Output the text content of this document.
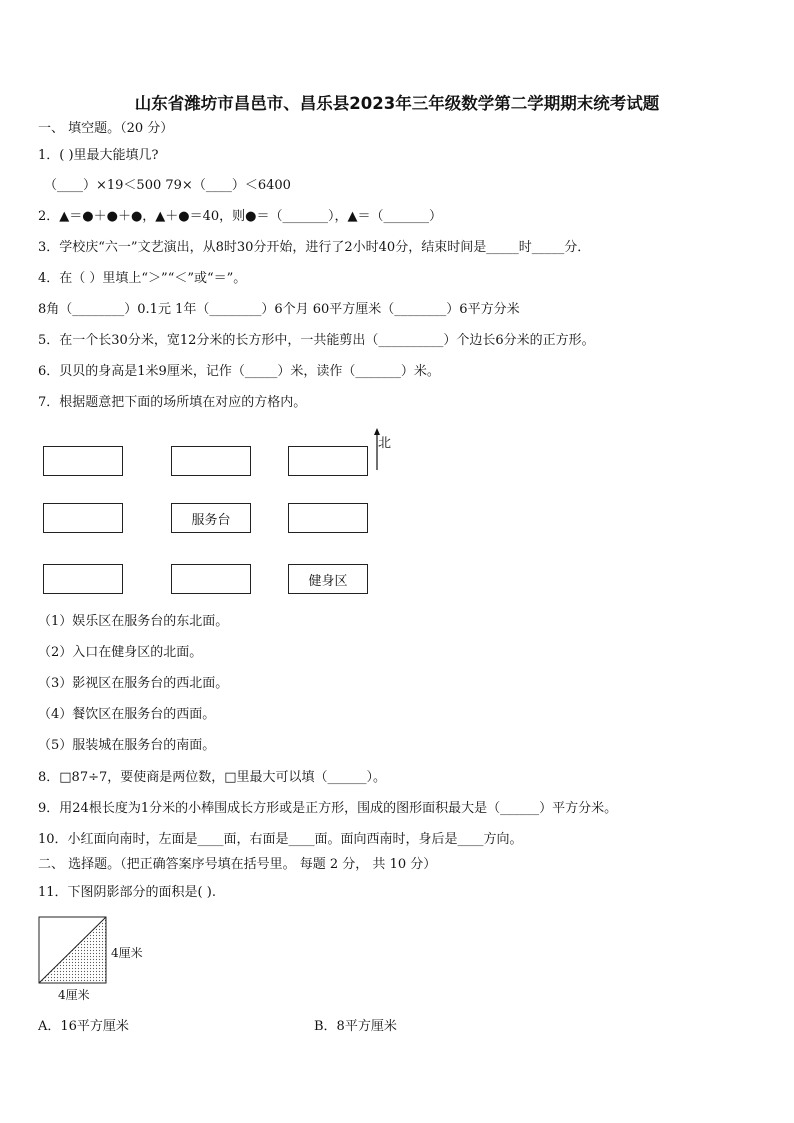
山东省潍坊市昌邑市、昌乐县2023年三年级数学第二学期期末统考试题
一、 填空题。（20 分）
1．( )里最大能填几?
（____）×19＜500 79×（____）＜6400
2．▲＝●＋●＋●，▲＋●＝40，则●＝（_______），▲＝（_______）
3．学校庆“六一”文艺演出，从8时30分开始，进行了2小时40分，结束时间是_____时_____分．
4．在（ ）里填上“＞”“＜”或“＝”。
8角（________）0.1元 1年（________）6个月 60平方厘米（________）6平方分米
5．在一个长30分米，宽12分米的长方形中，一共能剪出（__________）个边长6分米的正方形。
6．贝贝的身高是1米9厘米，记作（_____）米，读作（_______）米。
7．根据题意把下面的场所填在对应的方格内。
服务台
健身区
北
（1）娱乐区在服务台的东北面。
（2）入口在健身区的北面。
（3）影视区在服务台的西北面。
（4）餐饮区在服务台的西面。
（5）服装城在服务台的南面。
8．□87÷7，要使商是两位数，□里最大可以填（______）。
9．用24根长度为1分米的小棒围成长方形或是正方形，围成的图形面积最大是（______）平方分米。
10．小红面向南时，左面是____面，右面是____面。面向西南时，身后是____方向。
二、 选择题。（把正确答案序号填在括号里。 每题 2 分， 共 10 分）
11．下图阴影部分的面积是( ).
4厘米
4厘米
A．16平方厘米	B．8平方厘米
